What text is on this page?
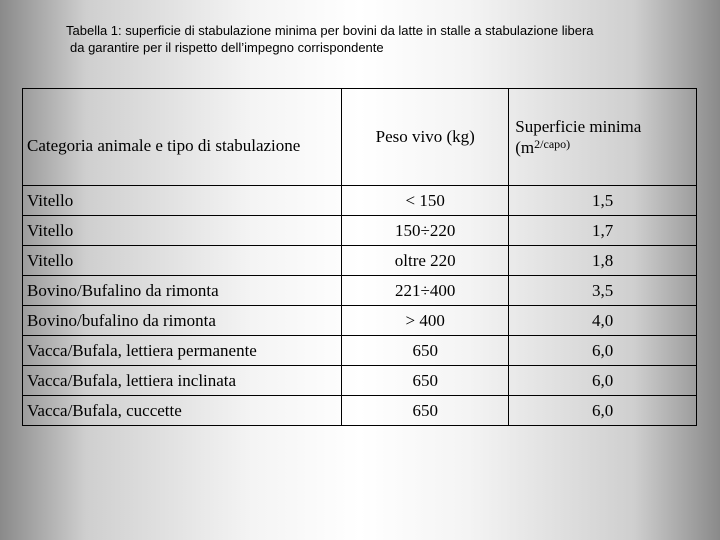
Tabella 1: superficie di stabulazione minima per bovini da latte in stalle a stabulazione libera
da garantire per il rispetto dell’impegno corrispondente
Categoria animale e tipo di stabulazione	Peso vivo (kg)	Superficie minima
($m^{2/capo)}$
Vitello	< 150	1,5
Vitello	150÷220	1,7
Vitello	oltre 220	1,8
Bovino/Bufalino da rimonta	221÷400	3,5
Bovino/bufalino da rimonta	> 400	4,0
Vacca/Bufala, lettiera permanente	650	6,0
Vacca/Bufala, lettiera inclinata	650	6,0
Vacca/Bufala, cuccette	650	6,0
